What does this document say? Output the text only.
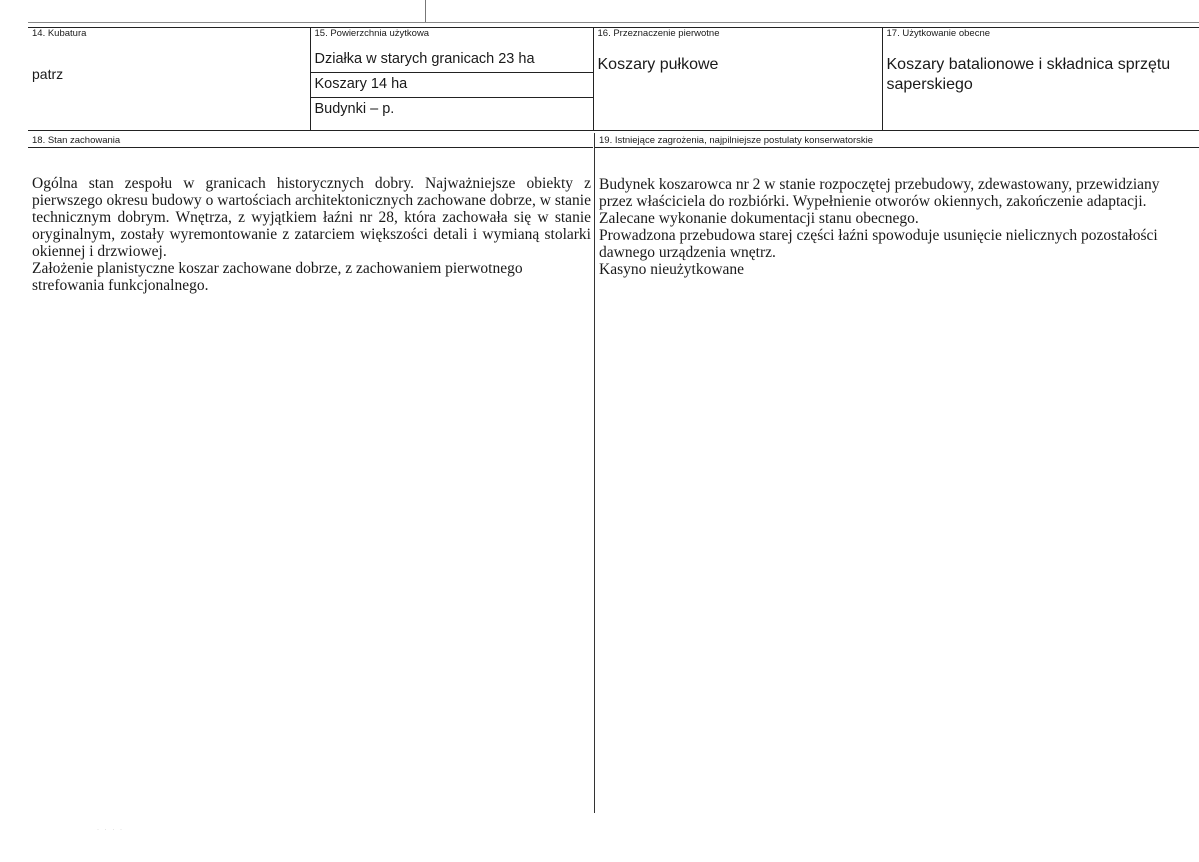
14. Kubatura
patrz

15. Powierzchnia użytkowa
Działka w starych granicach 23 ha
Koszary 14 ha
Budynki – p.

16. Przeznaczenie pierwotne
Koszary pułkowe

17. Użytkowanie obecne
Koszary batalionowe i składnica sprzętu saperskiego
18. Stan zachowania

Ogólna stan zespołu w granicach historycznych dobry. Najważniejsze obiekty z pierwszego okresu budowy o wartościach architektonicznych zachowane dobrze, w stanie technicznym dobrym. Wnętrza, z wyjątkiem łaźni nr 28, która zachowała się w stanie oryginalnym, zostały wyremontowanie z zatarciem większości detali i wymianą stolarki okiennej i drzwiowej.

Założenie planistyczne koszar zachowane dobrze, z zachowaniem pierwotnego strefowania funkcjonalnego.

19. Istniejące zagrożenia, najpilniejsze postulaty konserwatorskie

Budynek koszarowca nr 2 w stanie rozpoczętej przebudowy, zdewastowany, przewidziany przez właściciela do rozbiórki. Wypełnienie otworów okiennych, zakończenie adaptacji. Zalecane wykonanie dokumentacji stanu obecnego.

Prowadzona przebudowa starej części łaźni spowoduje usunięcie nielicznych pozostałości dawnego urządzenia wnętrz.

Kasyno nieużytkowane

· · · ·
